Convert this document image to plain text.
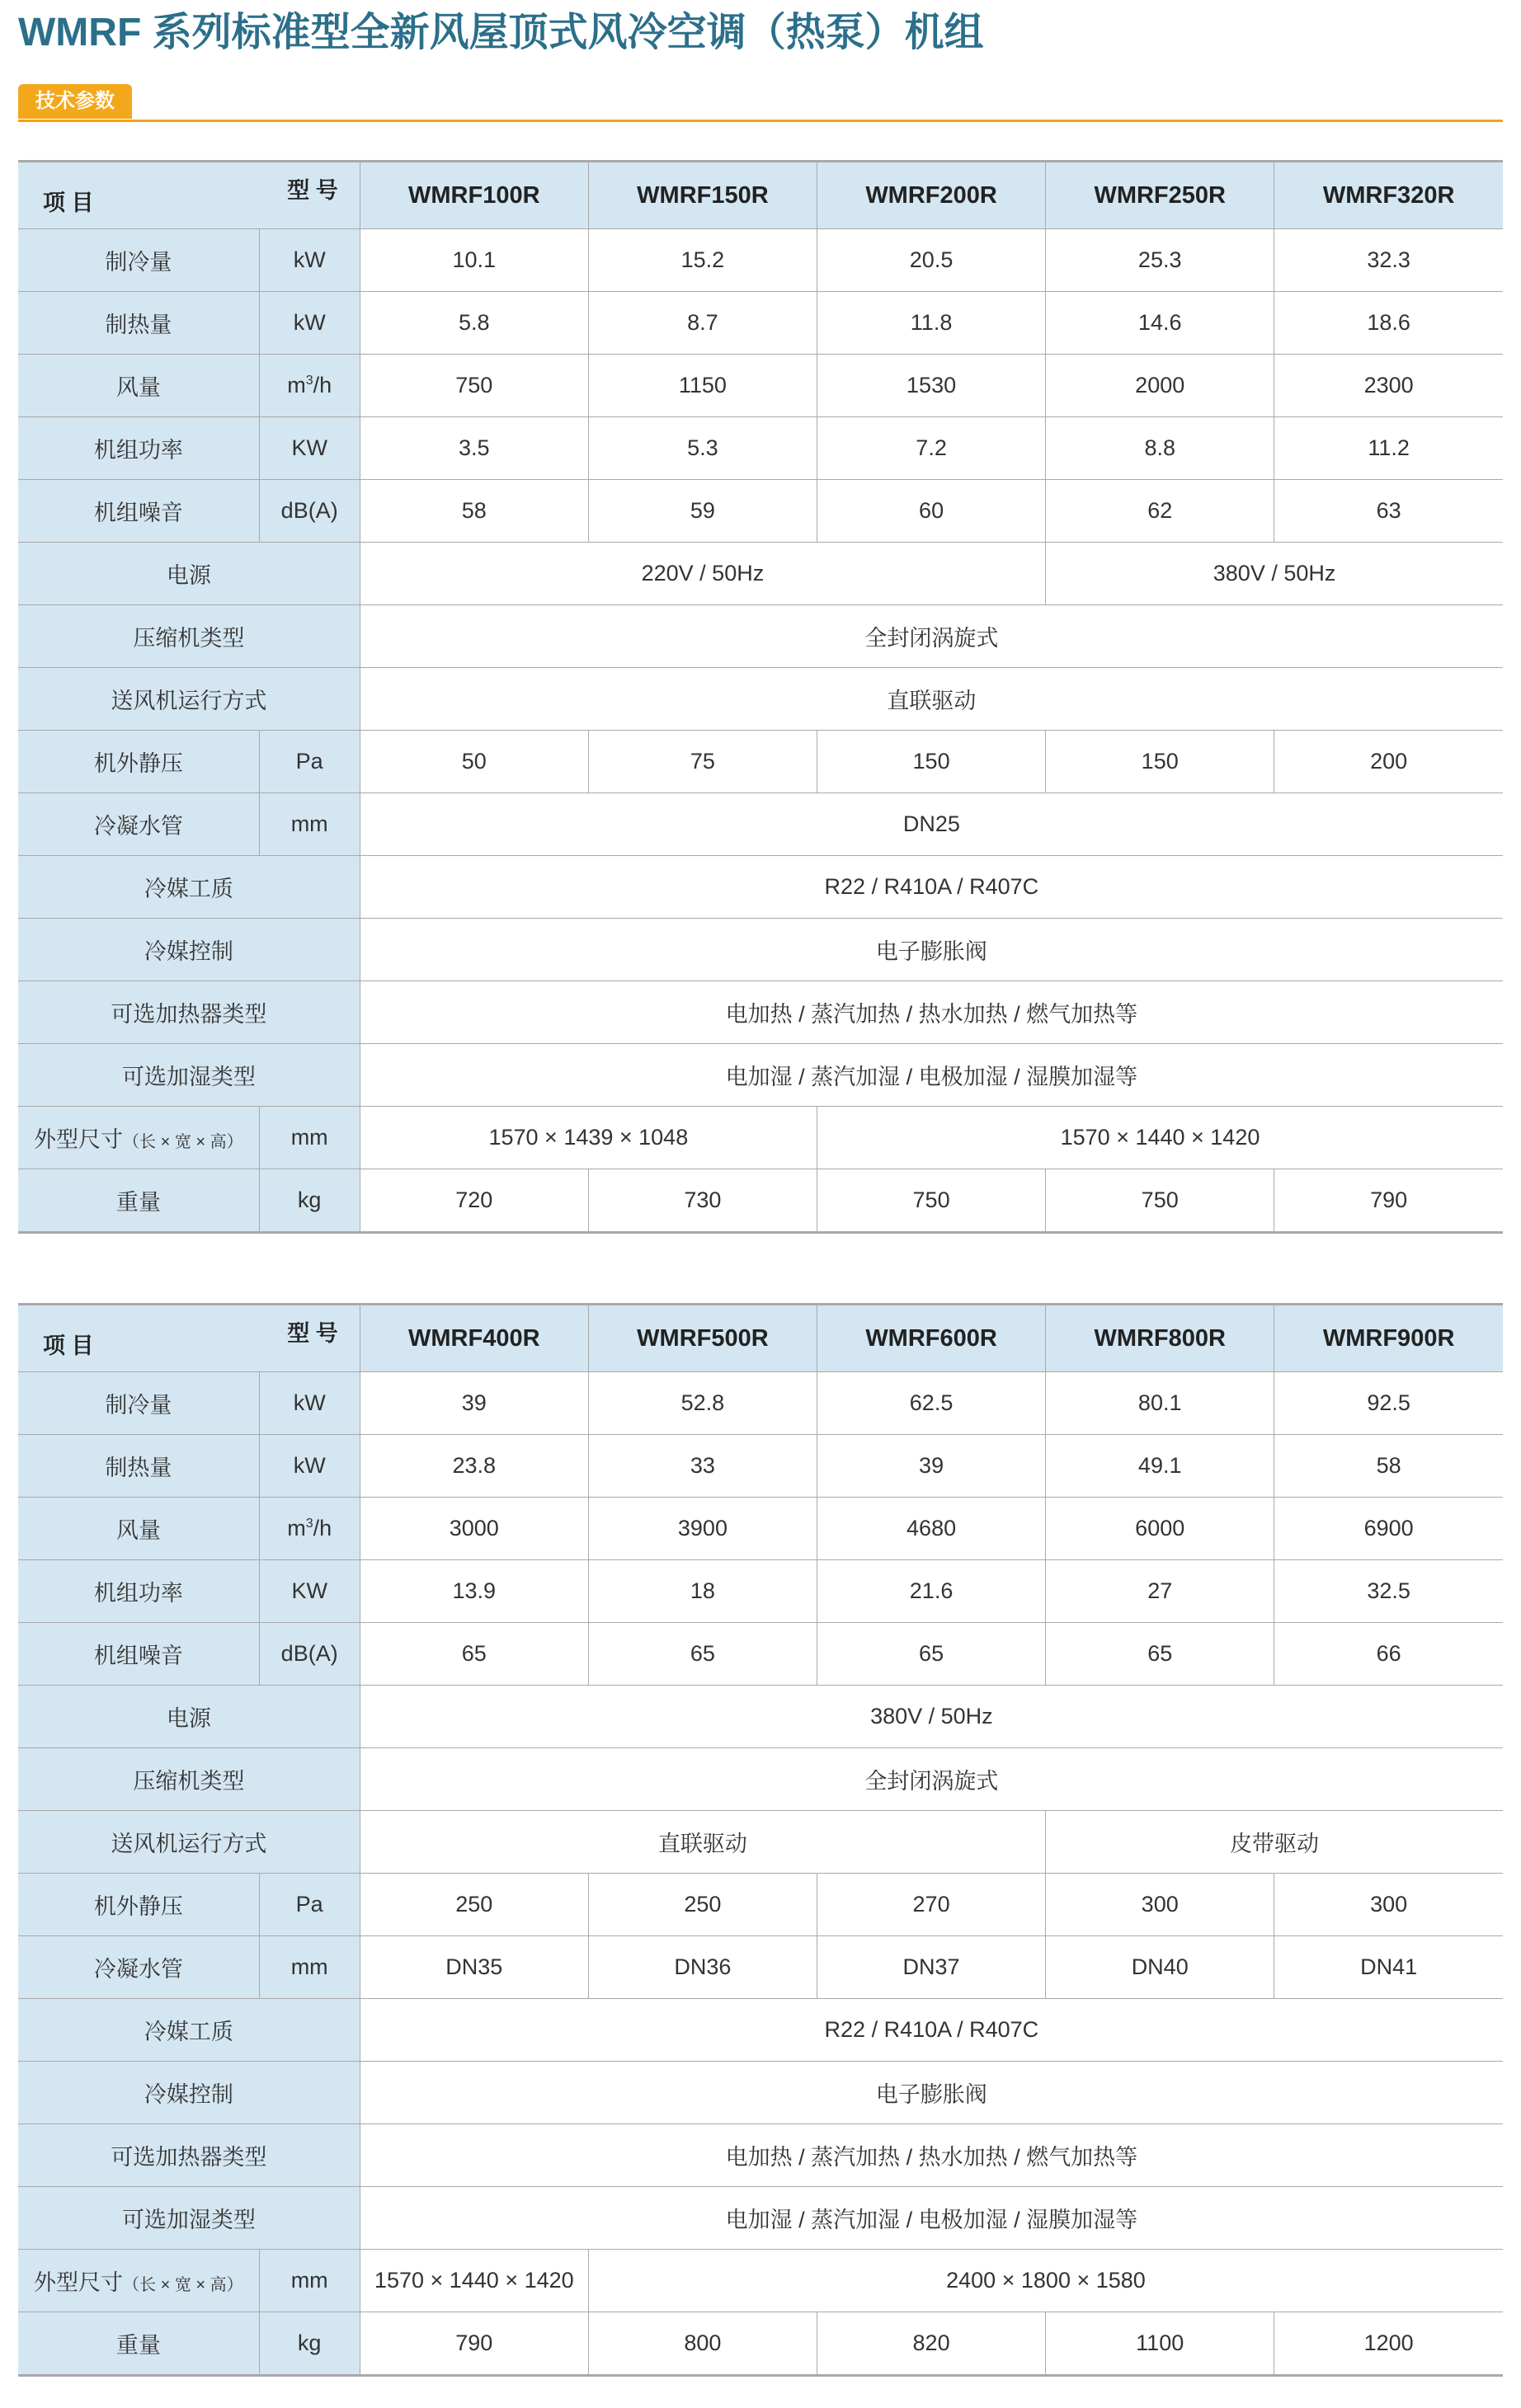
WMRF 系列标准型全新风屋顶式风冷空调（热泵）机组
技术参数
型 号
项 目		WMRF100R	WMRF150R	WMRF200R	WMRF250R	WMRF320R
制冷量	kW	10.1	15.2	20.5	25.3	32.3
制热量	kW	5.8	8.7	11.8	14.6	18.6
风量	$m^3/h$	750	1150	1530	2000	2300
机组功率	KW	3.5	5.3	7.2	8.8	11.2
机组噪音	dB(A)	58	59	60	62	63
电源		220V / 50Hz			380V / 50Hz	
压缩机类型		全封闭涡旋式				
送风机运行方式		直联驱动				
机外静压	Pa	50	75	150	150	200
冷凝水管	mm	DN25				
冷媒工质		R22 / R410A / R407C				
冷媒控制		电子膨胀阀				
可选加热器类型		电加热 / 蒸汽加热 / 热水加热 / 燃气加热等				
可选加湿类型		电加湿 / 蒸汽加湿 / 电极加湿 / 湿膜加湿等				
外型尺寸（长 × 宽 × 高）	mm	1570 × 1439 × 1048		1570 × 1440 × 1420		
重量	kg	720	730	750	750	790
型 号
项 目		WMRF400R	WMRF500R	WMRF600R	WMRF800R	WMRF900R
制冷量	kW	39	52.8	62.5	80.1	92.5
制热量	kW	23.8	33	39	49.1	58
风量	$m^3/h$	3000	3900	4680	6000	6900
机组功率	KW	13.9	18	21.6	27	32.5
机组噪音	dB(A)	65	65	65	65	66
电源		380V / 50Hz				
压缩机类型		全封闭涡旋式				
送风机运行方式		直联驱动			皮带驱动	
机外静压	Pa	250	250	270	300	300
冷凝水管	mm	DN35	DN36	DN37	DN40	DN41
冷媒工质		R22 / R410A / R407C				
冷媒控制		电子膨胀阀				
可选加热器类型		电加热 / 蒸汽加热 / 热水加热 / 燃气加热等				
可选加湿类型		电加湿 / 蒸汽加湿 / 电极加湿 / 湿膜加湿等				
外型尺寸（长 × 宽 × 高）	mm	1570 × 1440 × 1420	2400 × 1800 × 1580			
重量	kg	790	800	820	1100	1200
